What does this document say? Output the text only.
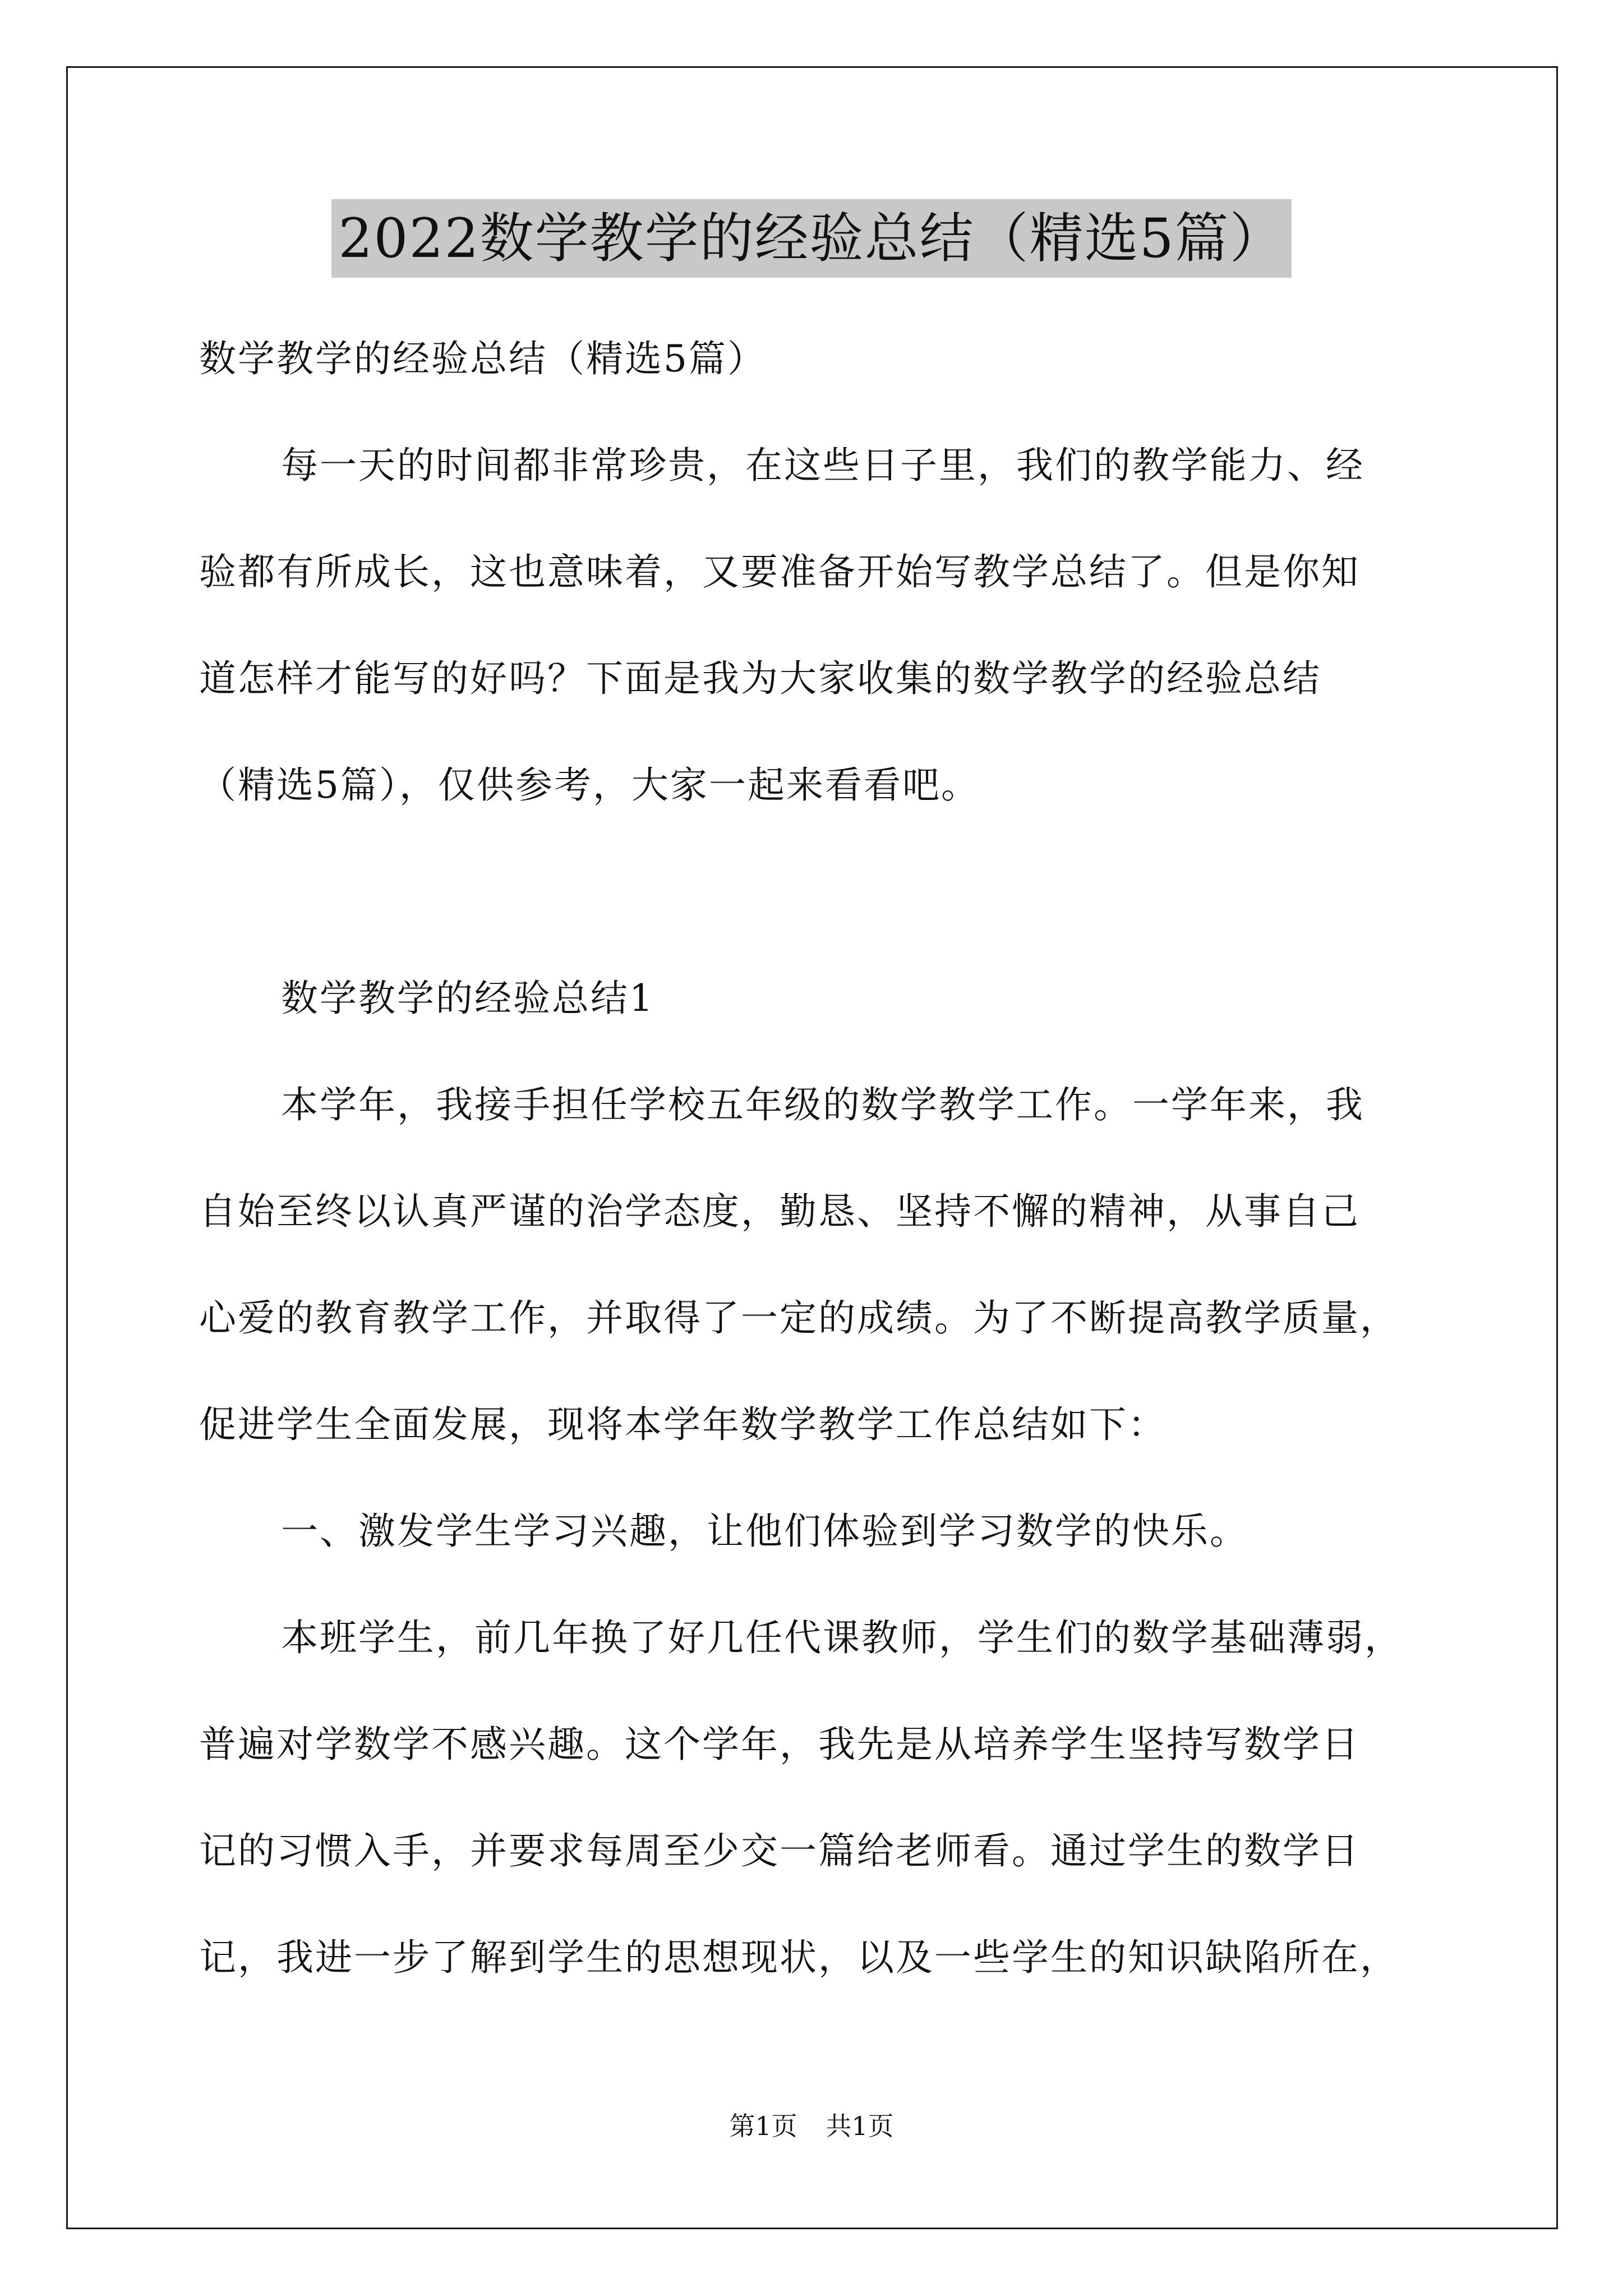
2022数学教学的经验总结（精选5篇）
数学教学的经验总结（精选5篇）
每一天的时间都非常珍贵，在这些日子里，我们的教学能力、经
验都有所成长，这也意味着，又要准备开始写教学总结了。但是你知
道怎样才能写的好吗？下面是我为大家收集的数学教学的经验总结
（精选5篇），仅供参考，大家一起来看看吧。
数学教学的经验总结1
本学年，我接手担任学校五年级的数学教学工作。一学年来，我
自始至终以认真严谨的治学态度，勤恳、坚持不懈的精神，从事自己
心爱的教育教学工作，并取得了一定的成绩。为了不断提高教学质量，
促进学生全面发展，现将本学年数学教学工作总结如下：
一、激发学生学习兴趣，让他们体验到学习数学的快乐。
本班学生，前几年换了好几任代课教师，学生们的数学基础薄弱，
普遍对学数学不感兴趣。这个学年，我先是从培养学生坚持写数学日
记的习惯入手，并要求每周至少交一篇给老师看。通过学生的数学日
记，我进一步了解到学生的思想现状，以及一些学生的知识缺陷所在，
第1页 共1页
